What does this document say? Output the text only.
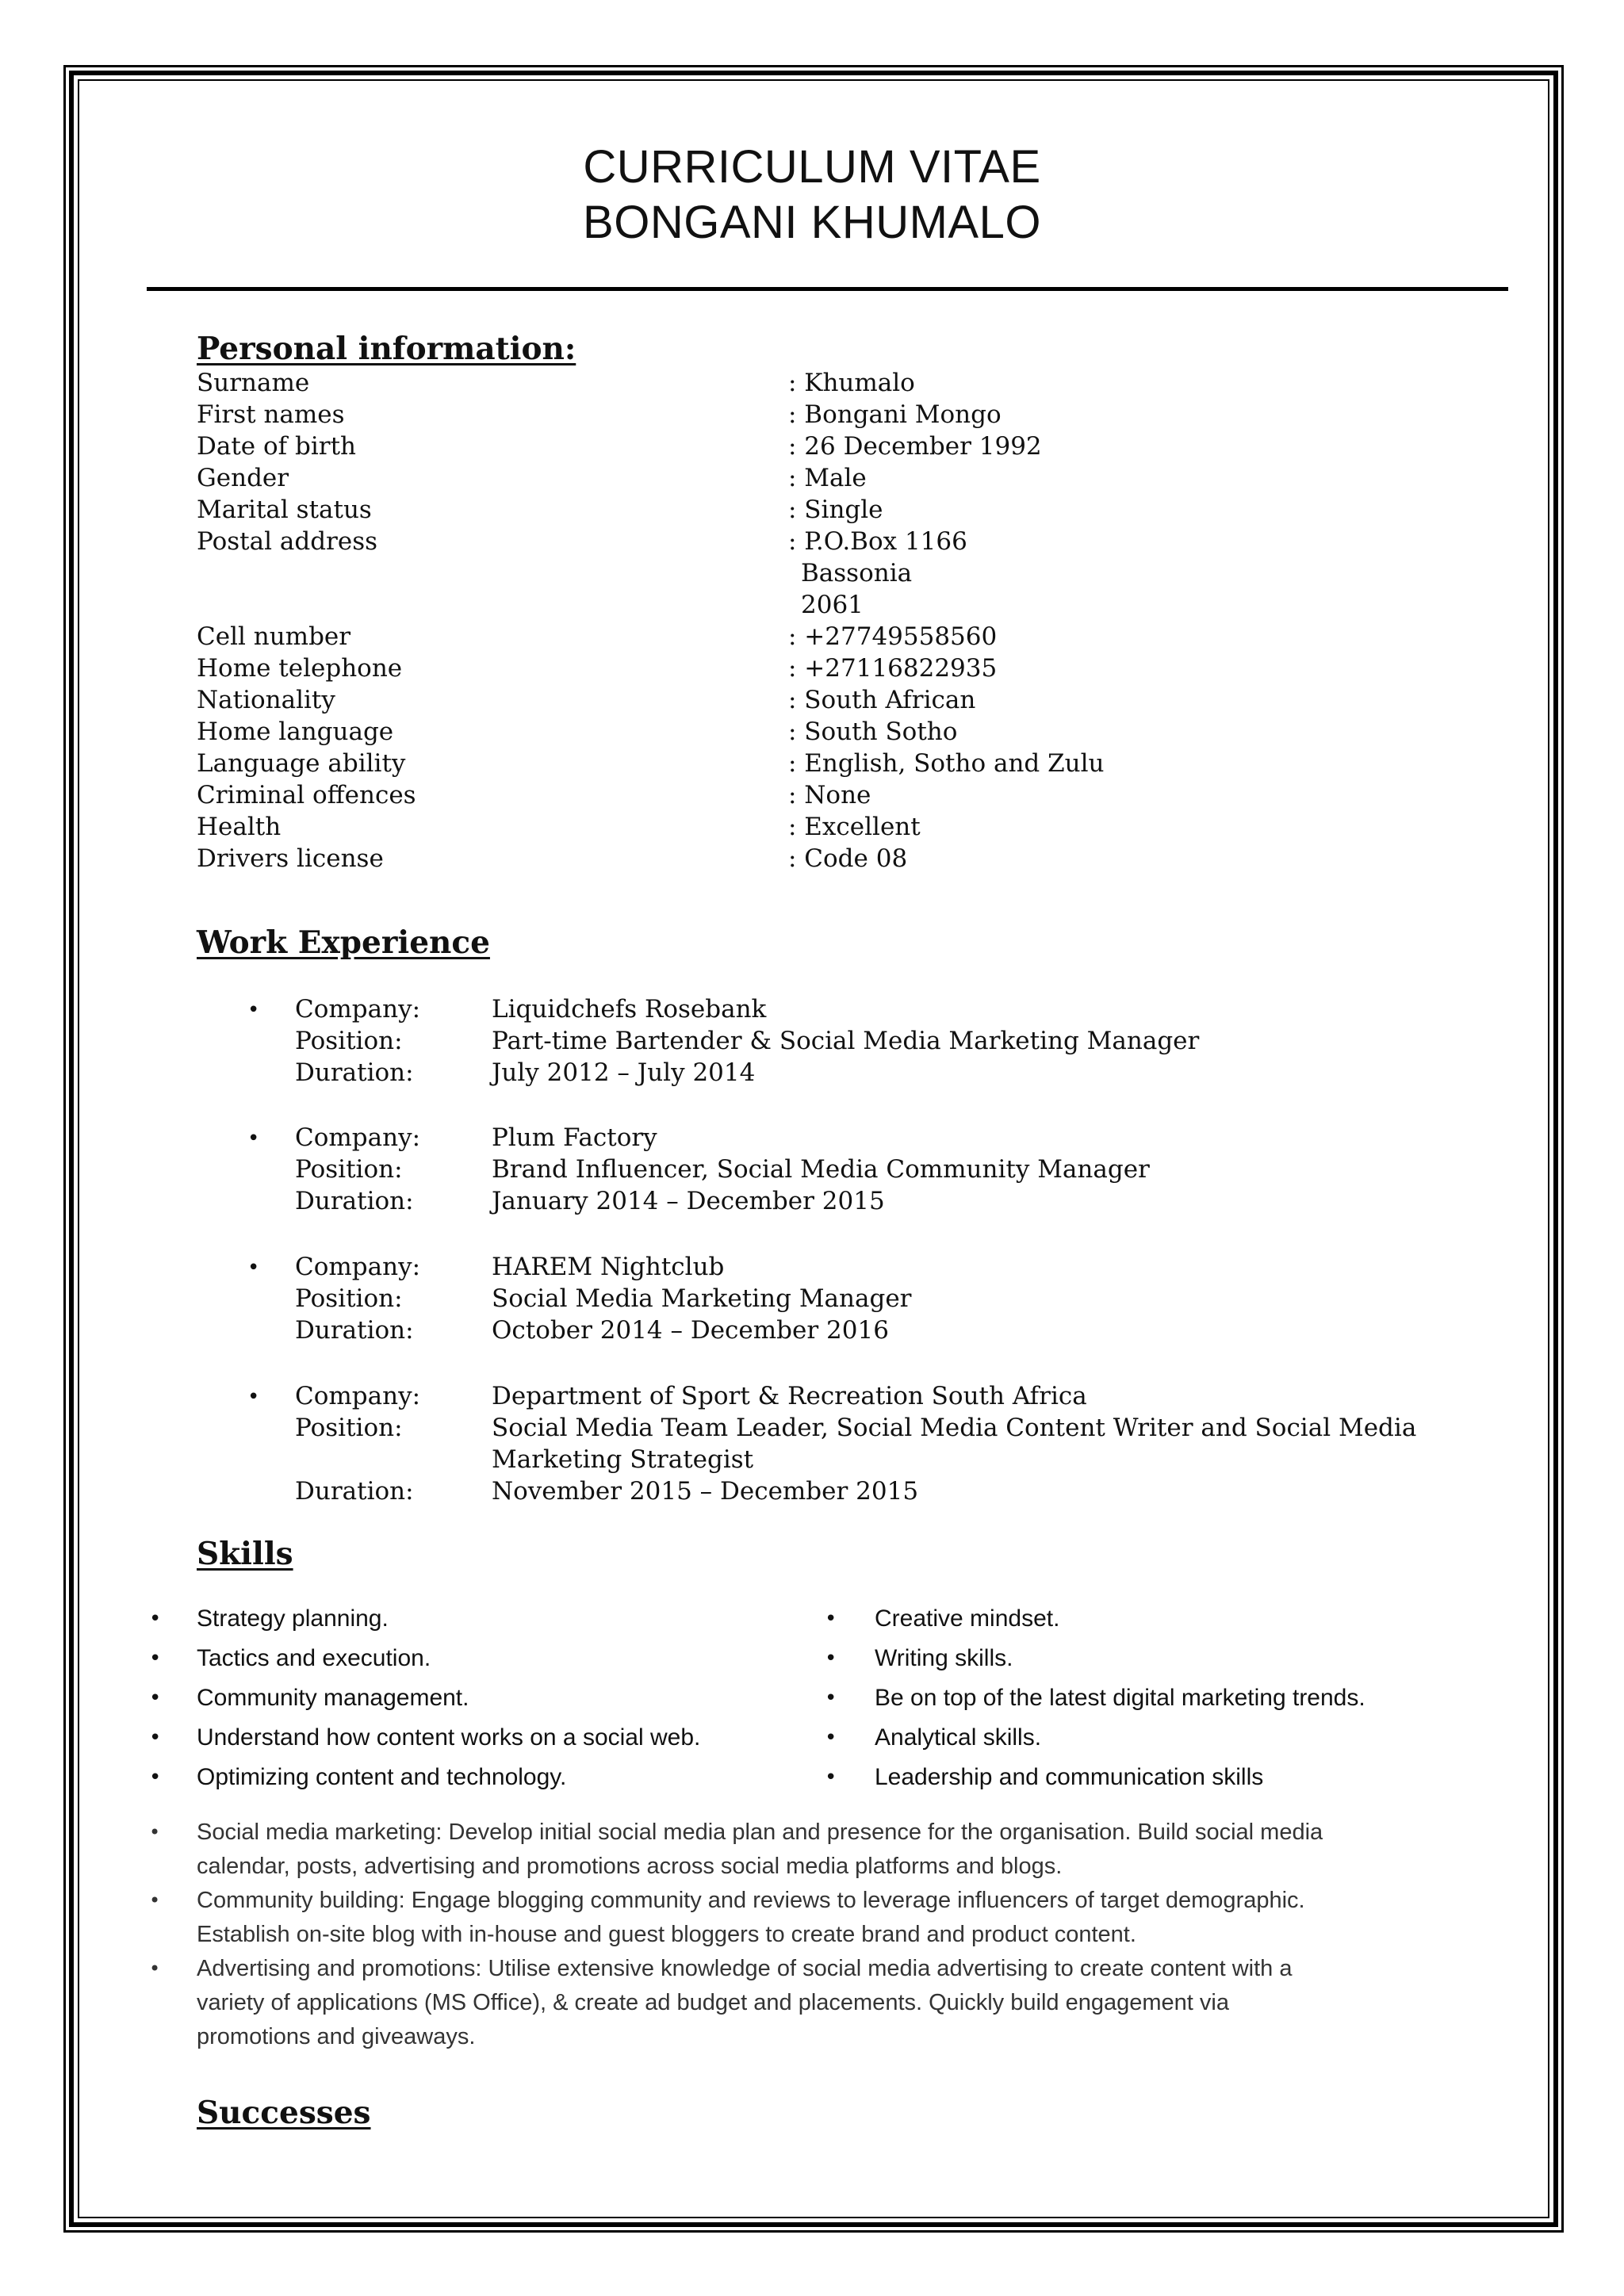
CURRICULUM VITAE
BONGANI KHUMALO
Personal information:
Surname	: Khumalo
First names	: Bongani Mongo
Date of birth	: 26 December 1992
Gender	: Male
Marital status	: Single
Postal address	: P.O.Box 1166
Bassonia
2061
Cell number	: +27749558560
Home telephone	: +27116822935
Nationality	: South African
Home language	: South Sotho
Language ability	: English, Sotho and Zulu
Criminal offences	: None
Health	: Excellent
Drivers license	: Code 08
Work Experience
• Company:	Liquidchefs Rosebank
Position:	Part-time Bartender & Social Media Marketing Manager
Duration:	July 2012 – July 2014
• Company:	Plum Factory
Position:	Brand Influencer, Social Media Community Manager
Duration:	January 2014 – December 2015
• Company:	HAREM Nightclub
Position:	Social Media Marketing Manager
Duration:	October 2014 – December 2016
• Company:	Department of Sport & Recreation South Africa
Position:	Social Media Team Leader, Social Media Content Writer and Social Media
Marketing Strategist
Duration:	November 2015 – December 2015
Skills
• Strategy planning.
• Tactics and execution.
• Community management.
• Understand how content works on a social web.
• Optimizing content and technology.
• Creative mindset.
• Writing skills.
• Be on top of the latest digital marketing trends.
• Analytical skills.
• Leadership and communication skills
• Social media marketing: Develop initial social media plan and presence for the organisation. Build social media
calendar, posts, advertising and promotions across social media platforms and blogs.
• Community building: Engage blogging community and reviews to leverage influencers of target demographic.
Establish on-site blog with in-house and guest bloggers to create brand and product content.
• Advertising and promotions: Utilise extensive knowledge of social media advertising to create content with a
variety of applications (MS Office), & create ad budget and placements. Quickly build engagement via
promotions and giveaways.
Successes
